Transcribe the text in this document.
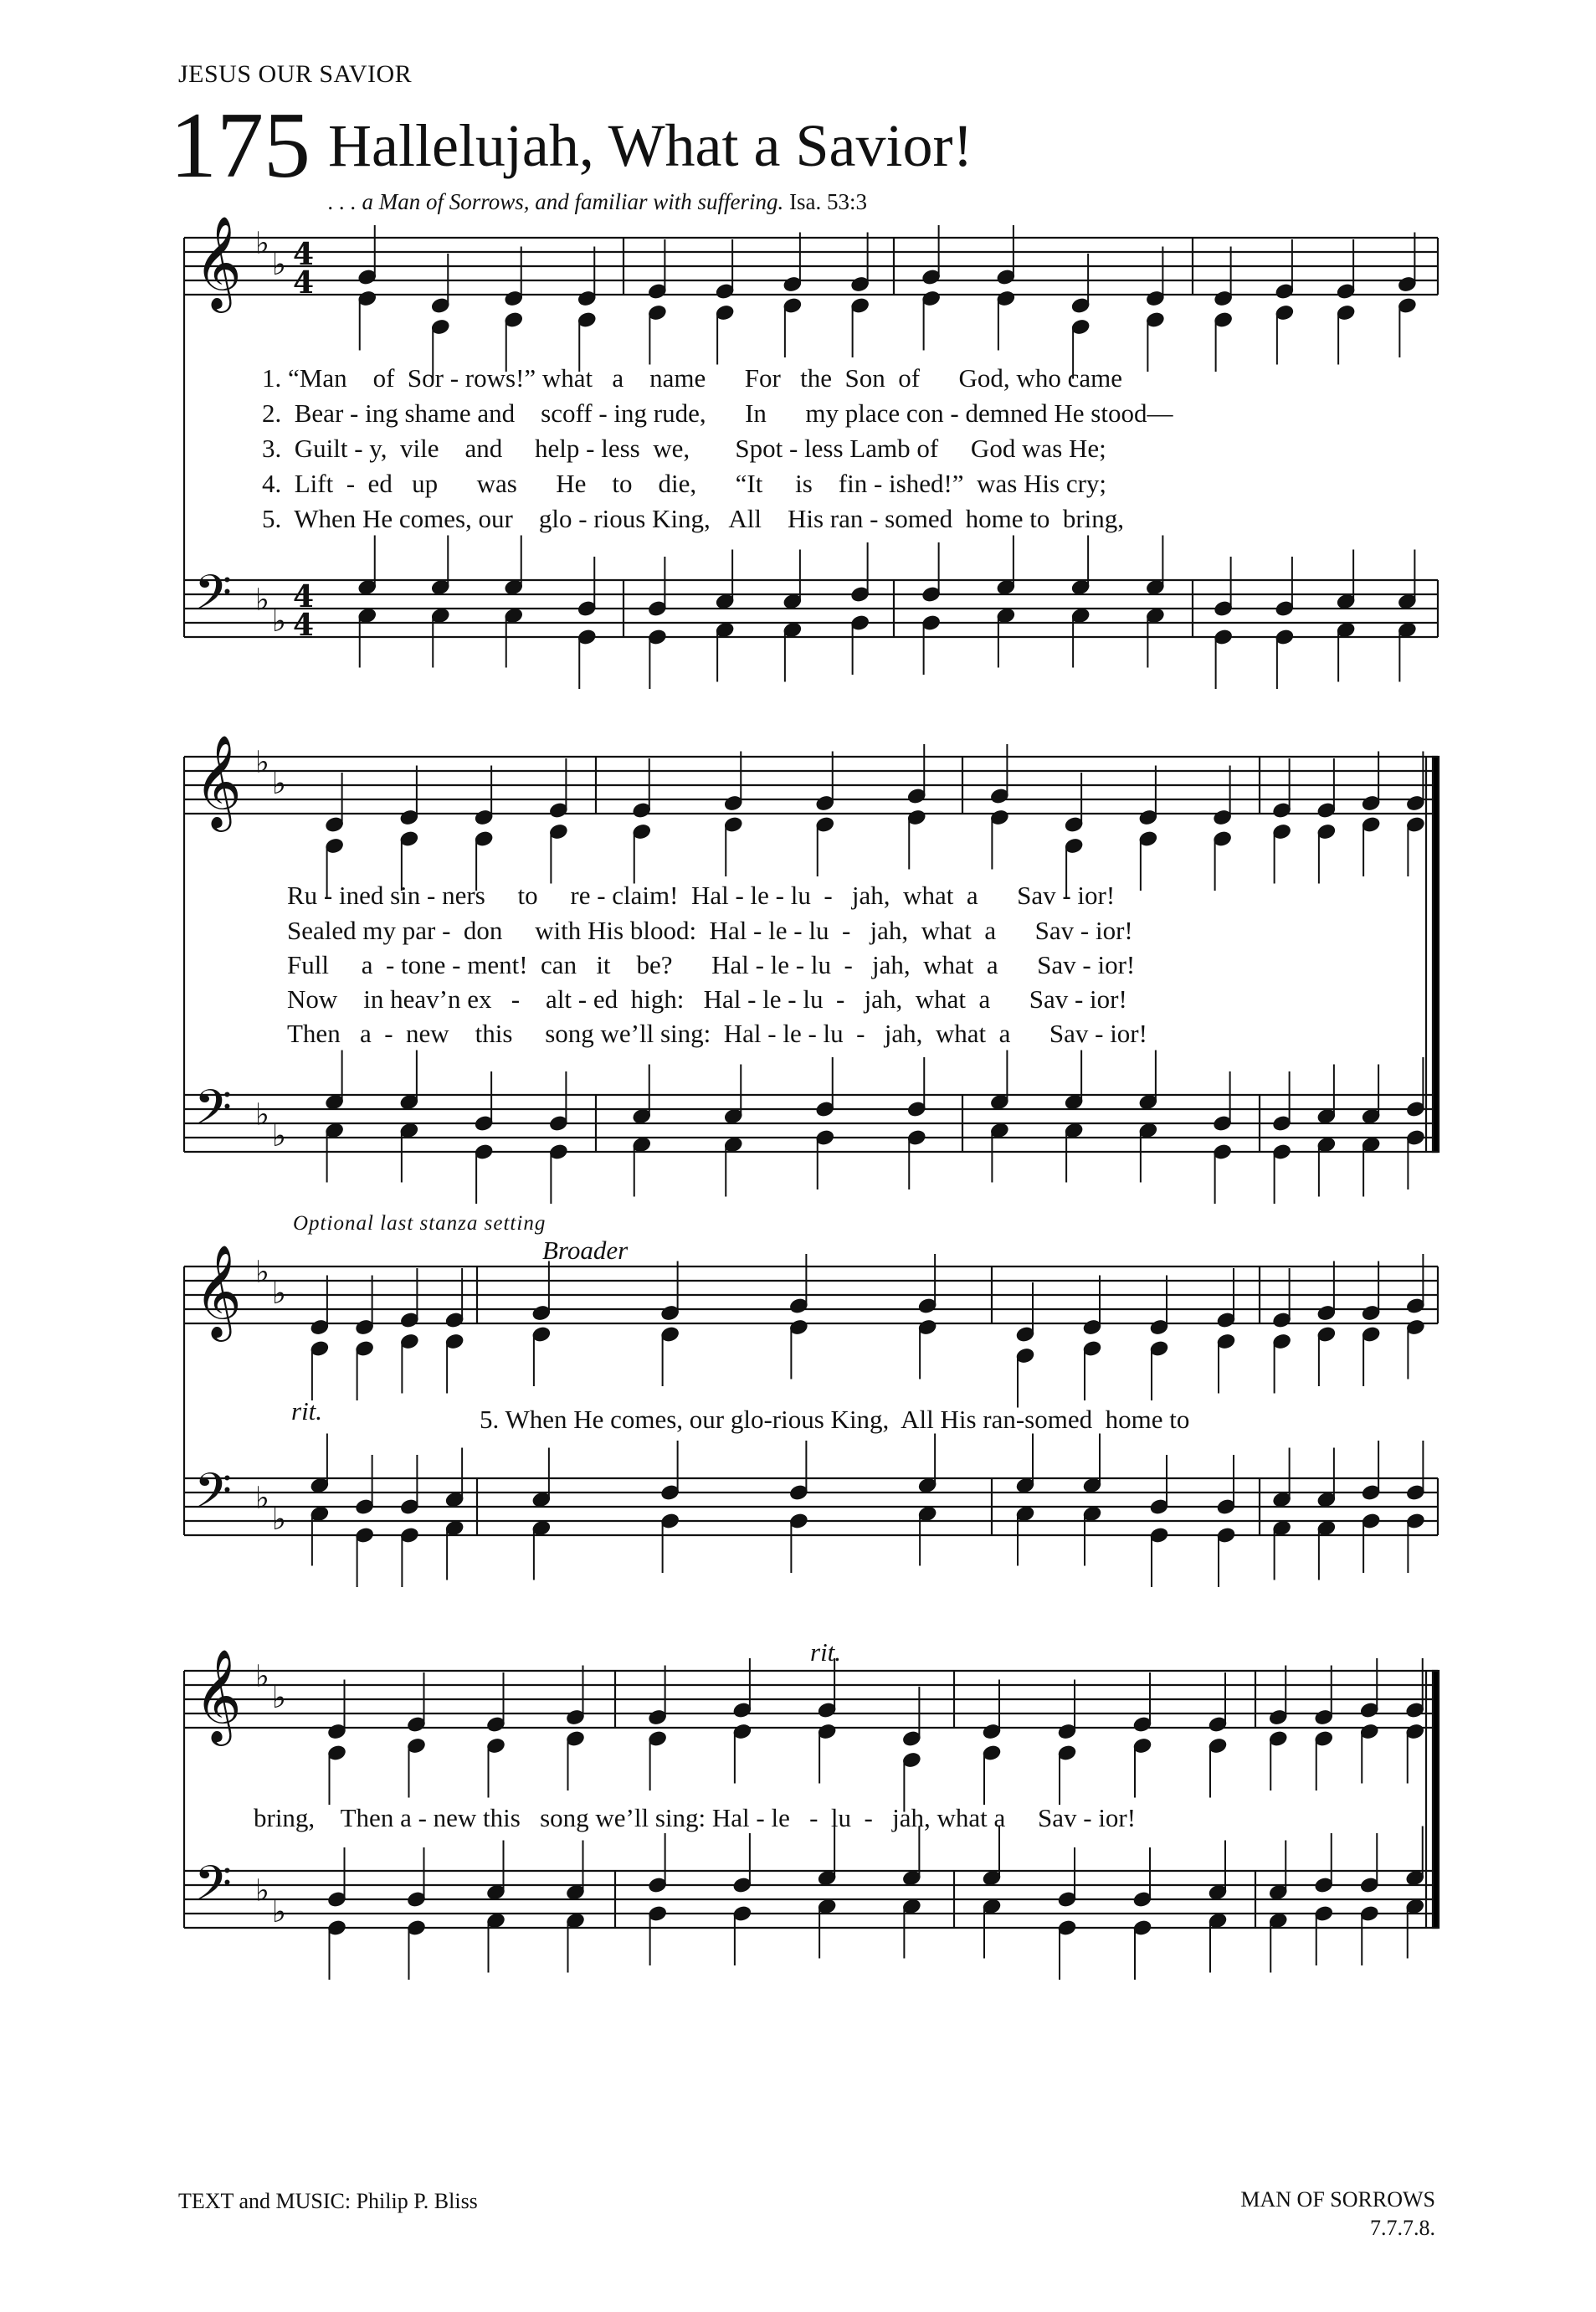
JESUS OUR SAVIOR
175 Hallelujah, What a Savior!
. . . a Man of Sorrows, and familiar with suffering. Isa. 53:3
𝄞 ♭
♭ 4
4
𝄢 ♭
♭
4
4
𝄞 ♭
♭
𝄢 ♭
♭
𝄞 ♭
♭
𝄢 ♭
♭
𝄞 ♭
♭
𝄢 ♭
♭
1. “Man    of  Sor - rows!” what   a    name      For   the  Son  of      God, who came
2.  Bear - ing shame and    scoff - ing rude,      In      my place con - demned He stood—
3.  Guilt - y,  vile    and     help - less  we,       Spot - less Lamb of     God was He;
4.  Lift  -  ed   up      was      He    to    die,      “It     is    fin - ished!”  was His cry;
5.  When He comes, our    glo - rious King,   All    His ran - somed  home to  bring,
Ru - ined sin - ners     to     re - claim!  Hal - le - lu  -   jah,  what  a      Sav - ior!
Sealed my par -  don     with His blood:  Hal - le - lu  -   jah,  what  a      Sav - ior!
Full     a  - tone - ment!  can   it    be?      Hal - le - lu  -   jah,  what  a      Sav - ior!
Now    in heav’n ex   -    alt - ed  high:   Hal - le - lu  -   jah,  what  a      Sav - ior!
Then   a  -  new    this     song we’ll sing:  Hal - le - lu  -   jah,  what  a      Sav - ior!
Optional last stanza setting
Broader
rit.	5. When He comes, our glo-rious King,  All His ran-somed  home to
rit.
bring,    Then a - new this   song we’ll sing: Hal - le   -  lu  -   jah, what a     Sav - ior!
TEXT and MUSIC: Philip P. Bliss	MAN OF SORROWS
7.7.7.8.
